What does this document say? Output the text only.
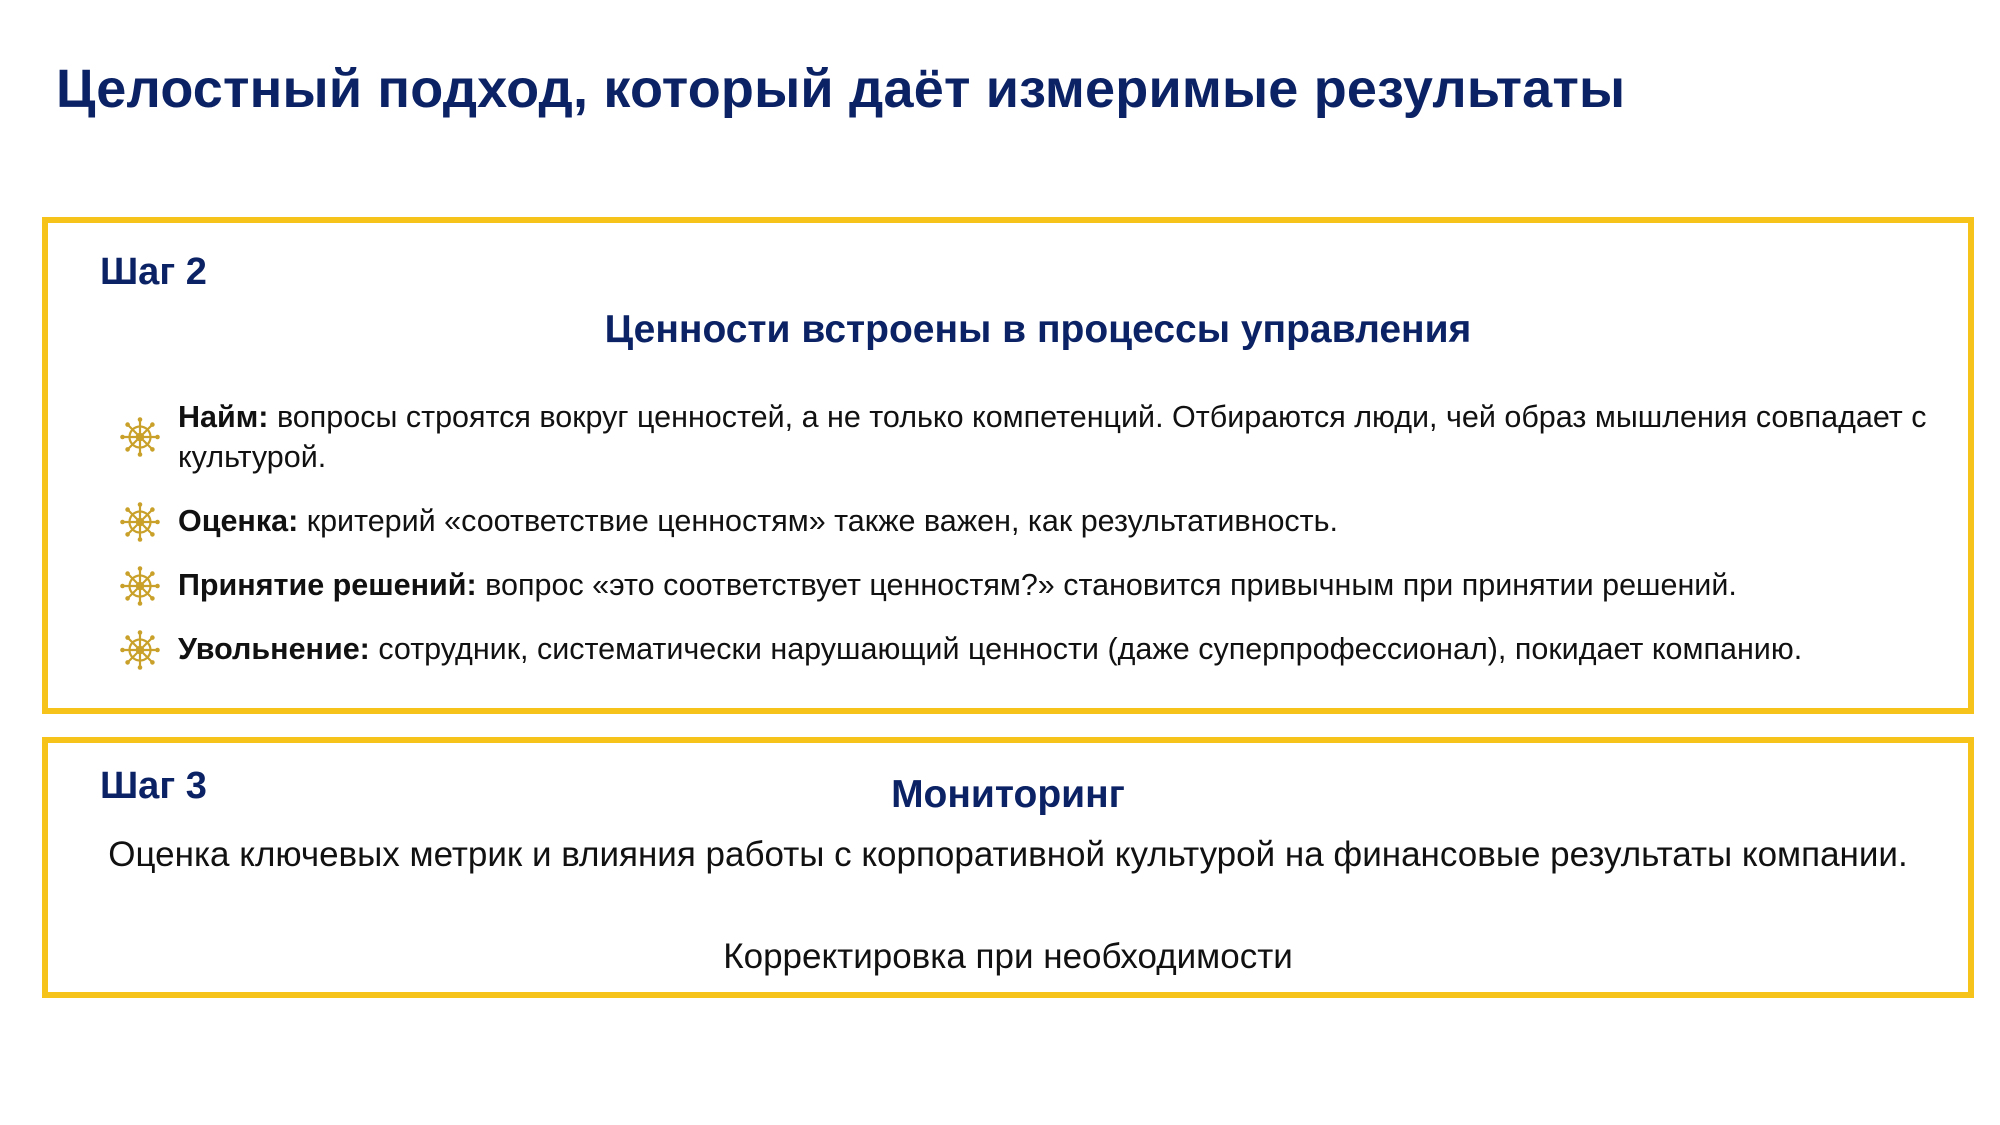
Целостный подход, который даёт измеримые результаты
Шаг 2
Ценности встроены в процессы управления
Найм: вопросы строятся вокруг ценностей, а не только компетенций. Отбираются люди, чей образ мышления совпадает с культурой.
Оценка: критерий «соответствие ценностям» также важен, как результативность.
Принятие решений: вопрос «это соответствует ценностям?» становится привычным при принятии решений.
Увольнение: сотрудник, систематически нарушающий ценности (даже суперпрофессионал), покидает компанию.
Шаг 3	Мониторинг

Оценка ключевых метрик и влияния работы с корпоративной культурой на финансовые результаты компании.

Корректировка при необходимости
